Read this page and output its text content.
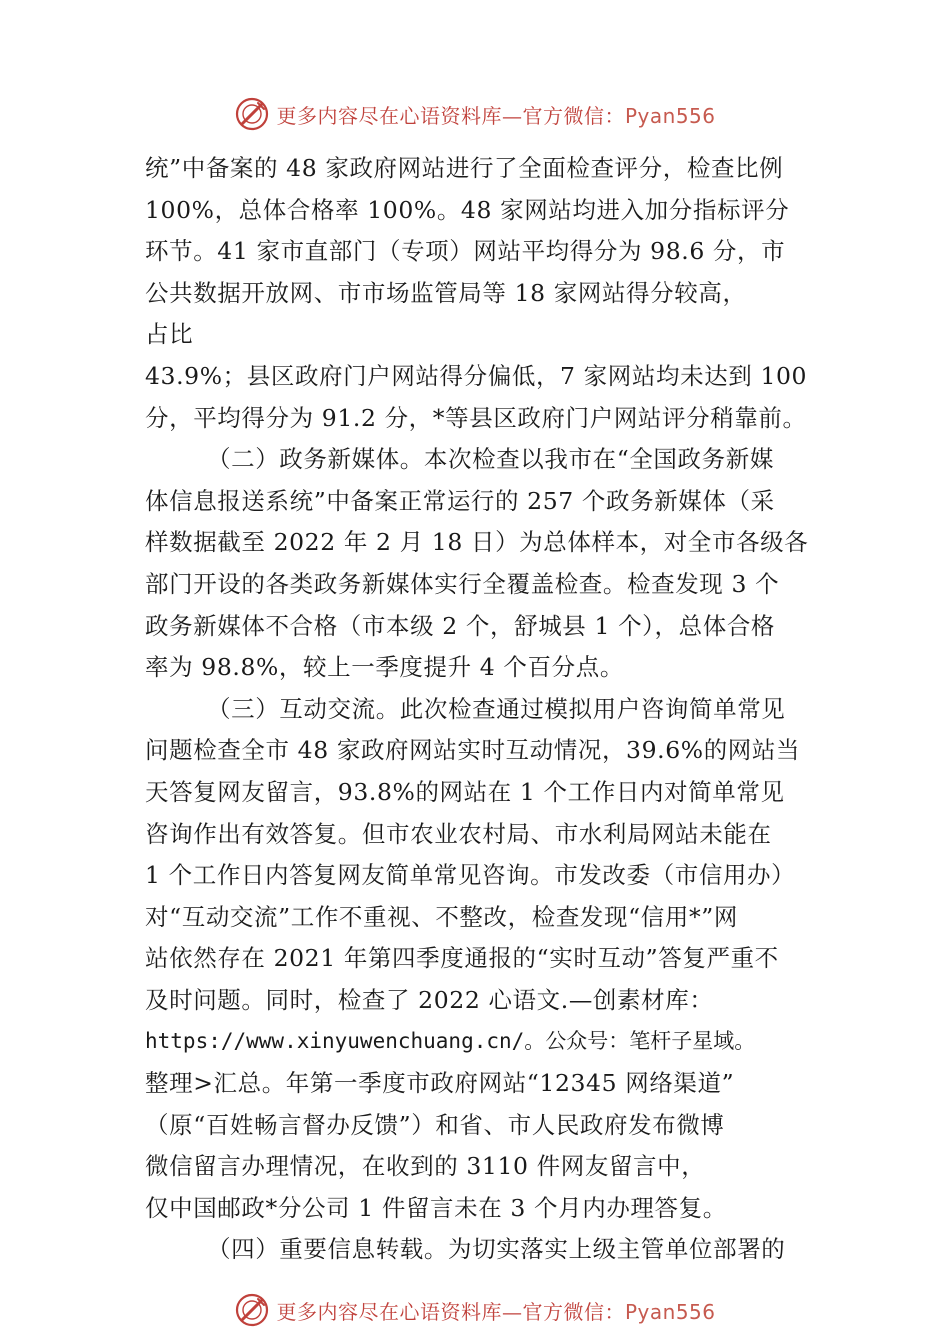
更多内容尽在心语资料库—官方微信：Pyan556
统”中备案的 48 家政府网站进行了全面检查评分，检查比例
100%，总体合格率 100%。48 家网站均进入加分指标评分
环节。41 家市直部门（专项）网站平均得分为 98.6 分，市
公共数据开放网、市市场监管局等 18 家网站得分较高，
占比
43.9%；县区政府门户网站得分偏低，7 家网站均未达到 100
分，平均得分为 91.2 分，*等县区政府门户网站评分稍靠前。
（二）政务新媒体。本次检查以我市在“全国政务新媒
体信息报送系统”中备案正常运行的 257 个政务新媒体（采
样数据截至 2022 年 2 月 18 日）为总体样本，对全市各级各
部门开设的各类政务新媒体实行全覆盖检查。检查发现 3 个
政务新媒体不合格（市本级 2 个，舒城县 1 个），总体合格
率为 98.8%，较上一季度提升 4 个百分点。
（三）互动交流。此次检查通过模拟用户咨询简单常见
问题检查全市 48 家政府网站实时互动情况，39.6%的网站当
天答复网友留言，93.8%的网站在 1 个工作日内对简单常见
咨询作出有效答复。但市农业农村局、市水利局网站未能在
1 个工作日内答复网友简单常见咨询。市发改委（市信用办）
对“互动交流”工作不重视、不整改，检查发现“信用*”网
站依然存在 2021 年第四季度通报的“实时互动”答复严重不
及时问题。同时，检查了 2022 心语文.—创素材库：
https://www.xinyuwenchuang.cn/。公众号：笔杆子星域。
整理>汇总。年第一季度市政府网站“12345 网络渠道”
（原“百姓畅言督办反馈”）和省、市人民政府发布微博
微信留言办理情况，在收到的 3110 件网友留言中，
仅中国邮政*分公司 1 件留言未在 3 个月内办理答复。
（四）重要信息转载。为切实落实上级主管单位部署的
更多内容尽在心语资料库—官方微信：Pyan556
